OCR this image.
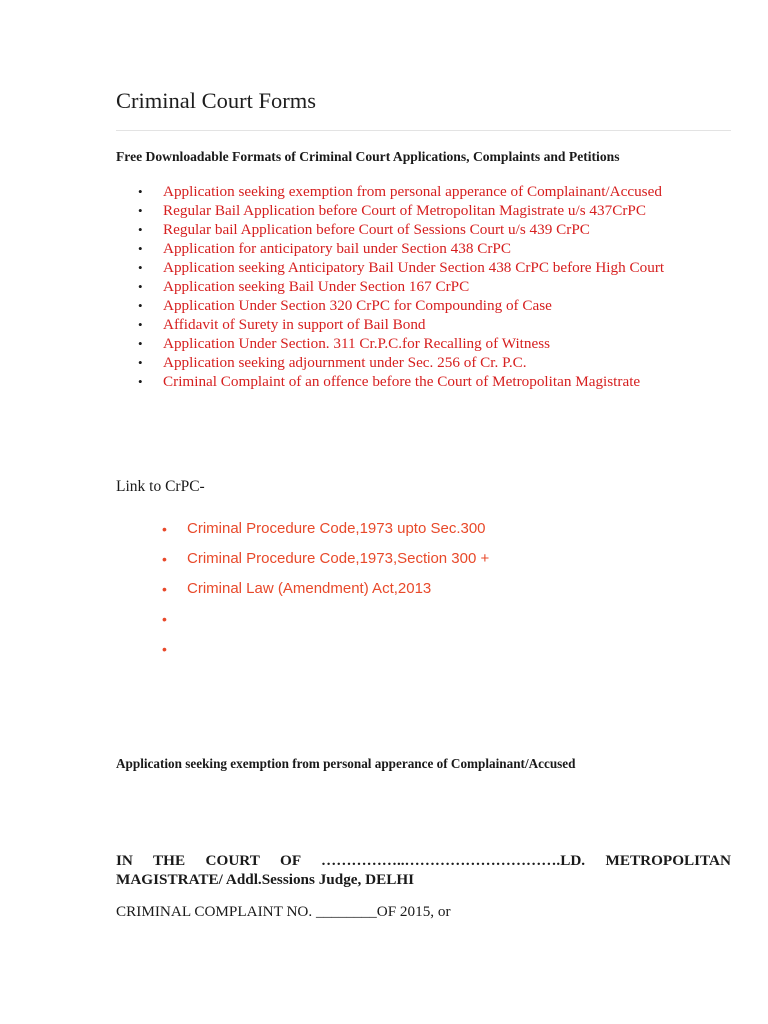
Criminal Court Forms
Free Downloadable Formats of Criminal Court Applications, Complaints and Petitions
• Application seeking exemption from personal apperance of Complainant/Accused
• Regular Bail Application before Court of Metropolitan Magistrate u/s 437CrPC
• Regular bail Application before Court of Sessions Court u/s 439 CrPC
• Application for anticipatory bail under Section 438 CrPC
• Application seeking Anticipatory Bail Under Section 438 CrPC before High Court
• Application seeking Bail Under Section 167 CrPC
• Application Under Section 320 CrPC for Compounding of Case
• Affidavit of Surety in support of Bail Bond
• Application Under Section. 311 Cr.P.C.for Recalling of Witness
• Application seeking adjournment under Sec. 256 of Cr. P.C.
• Criminal Complaint of an offence before the Court of Metropolitan Magistrate

Link to CrPC-

• Criminal Procedure Code,1973 upto Sec.300
• Criminal Procedure Code,1973,Section 300 +
• Criminal Law (Amendment) Act,2013
•
•

Application seeking exemption from personal apperance of Complainant/Accused

IN THE COURT OF ……………..………………………….LD. METROPOLITAN
MAGISTRATE/ Addl.Sessions Judge, DELHI

CRIMINAL COMPLAINT NO. ________OF 2015, or
